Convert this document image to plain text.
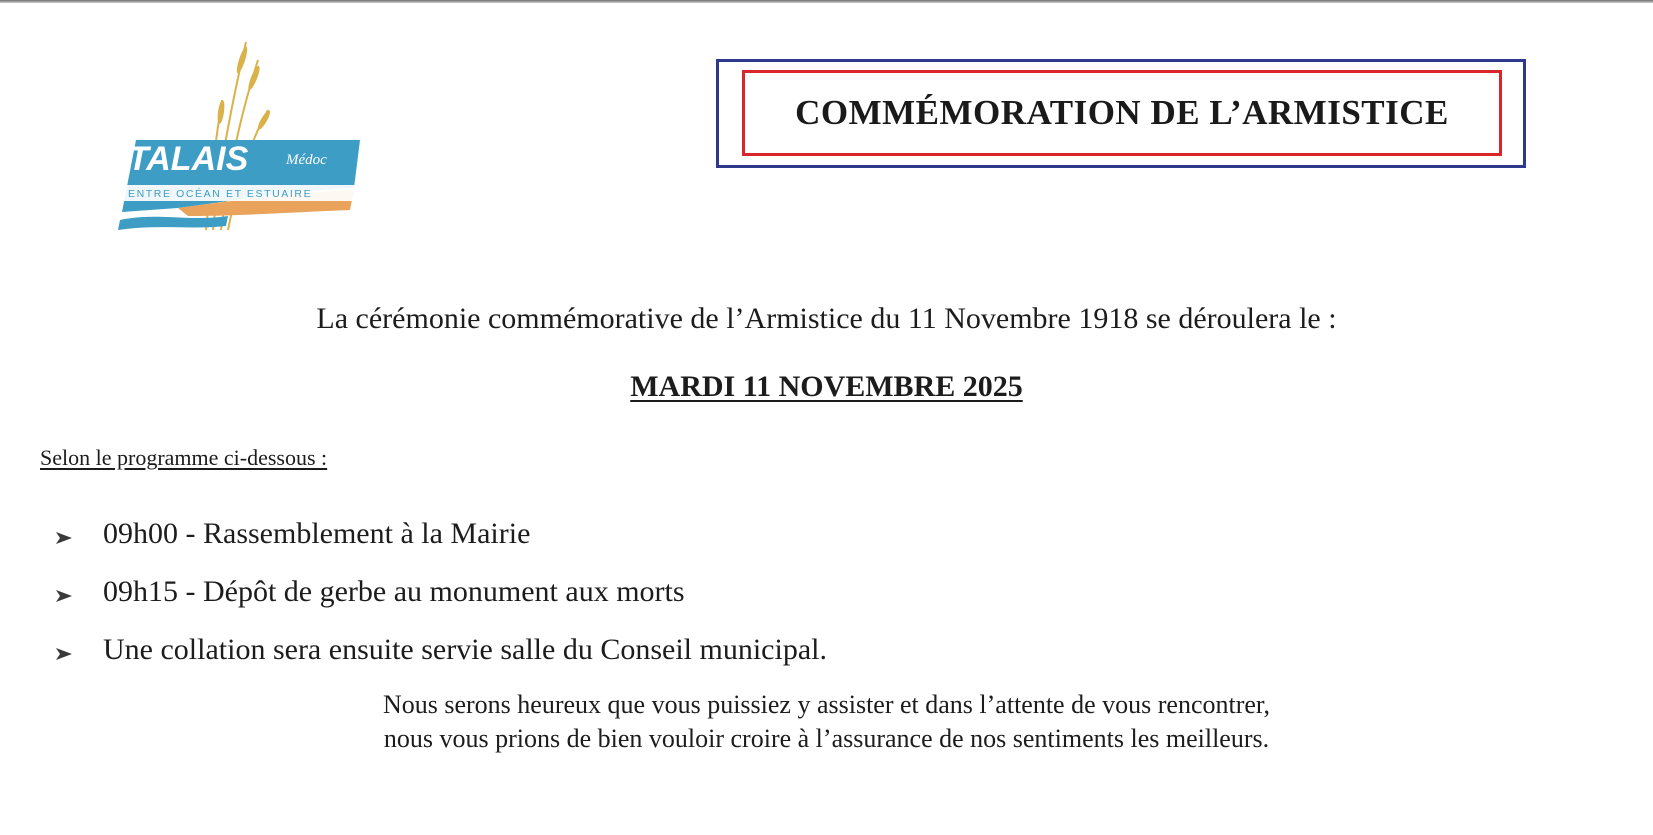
TALAIS	Médoc
ENTRE OCÉAN ET ESTUAIRE
COMMÉMORATION DE L’ARMISTICE
La cérémonie commémorative de l’Armistice du 11 Novembre 1918 se déroulera le :
MARDI 11 NOVEMBRE 2025
Selon le programme ci-dessous :
09h00 - Rassemblement à la Mairie
09h15 - Dépôt de gerbe au monument aux morts
Une collation sera ensuite servie salle du Conseil municipal.
Nous serons heureux que vous puissiez y assister et dans l’attente de vous rencontrer,
nous vous prions de bien vouloir croire à l’assurance de nos sentiments les meilleurs.
